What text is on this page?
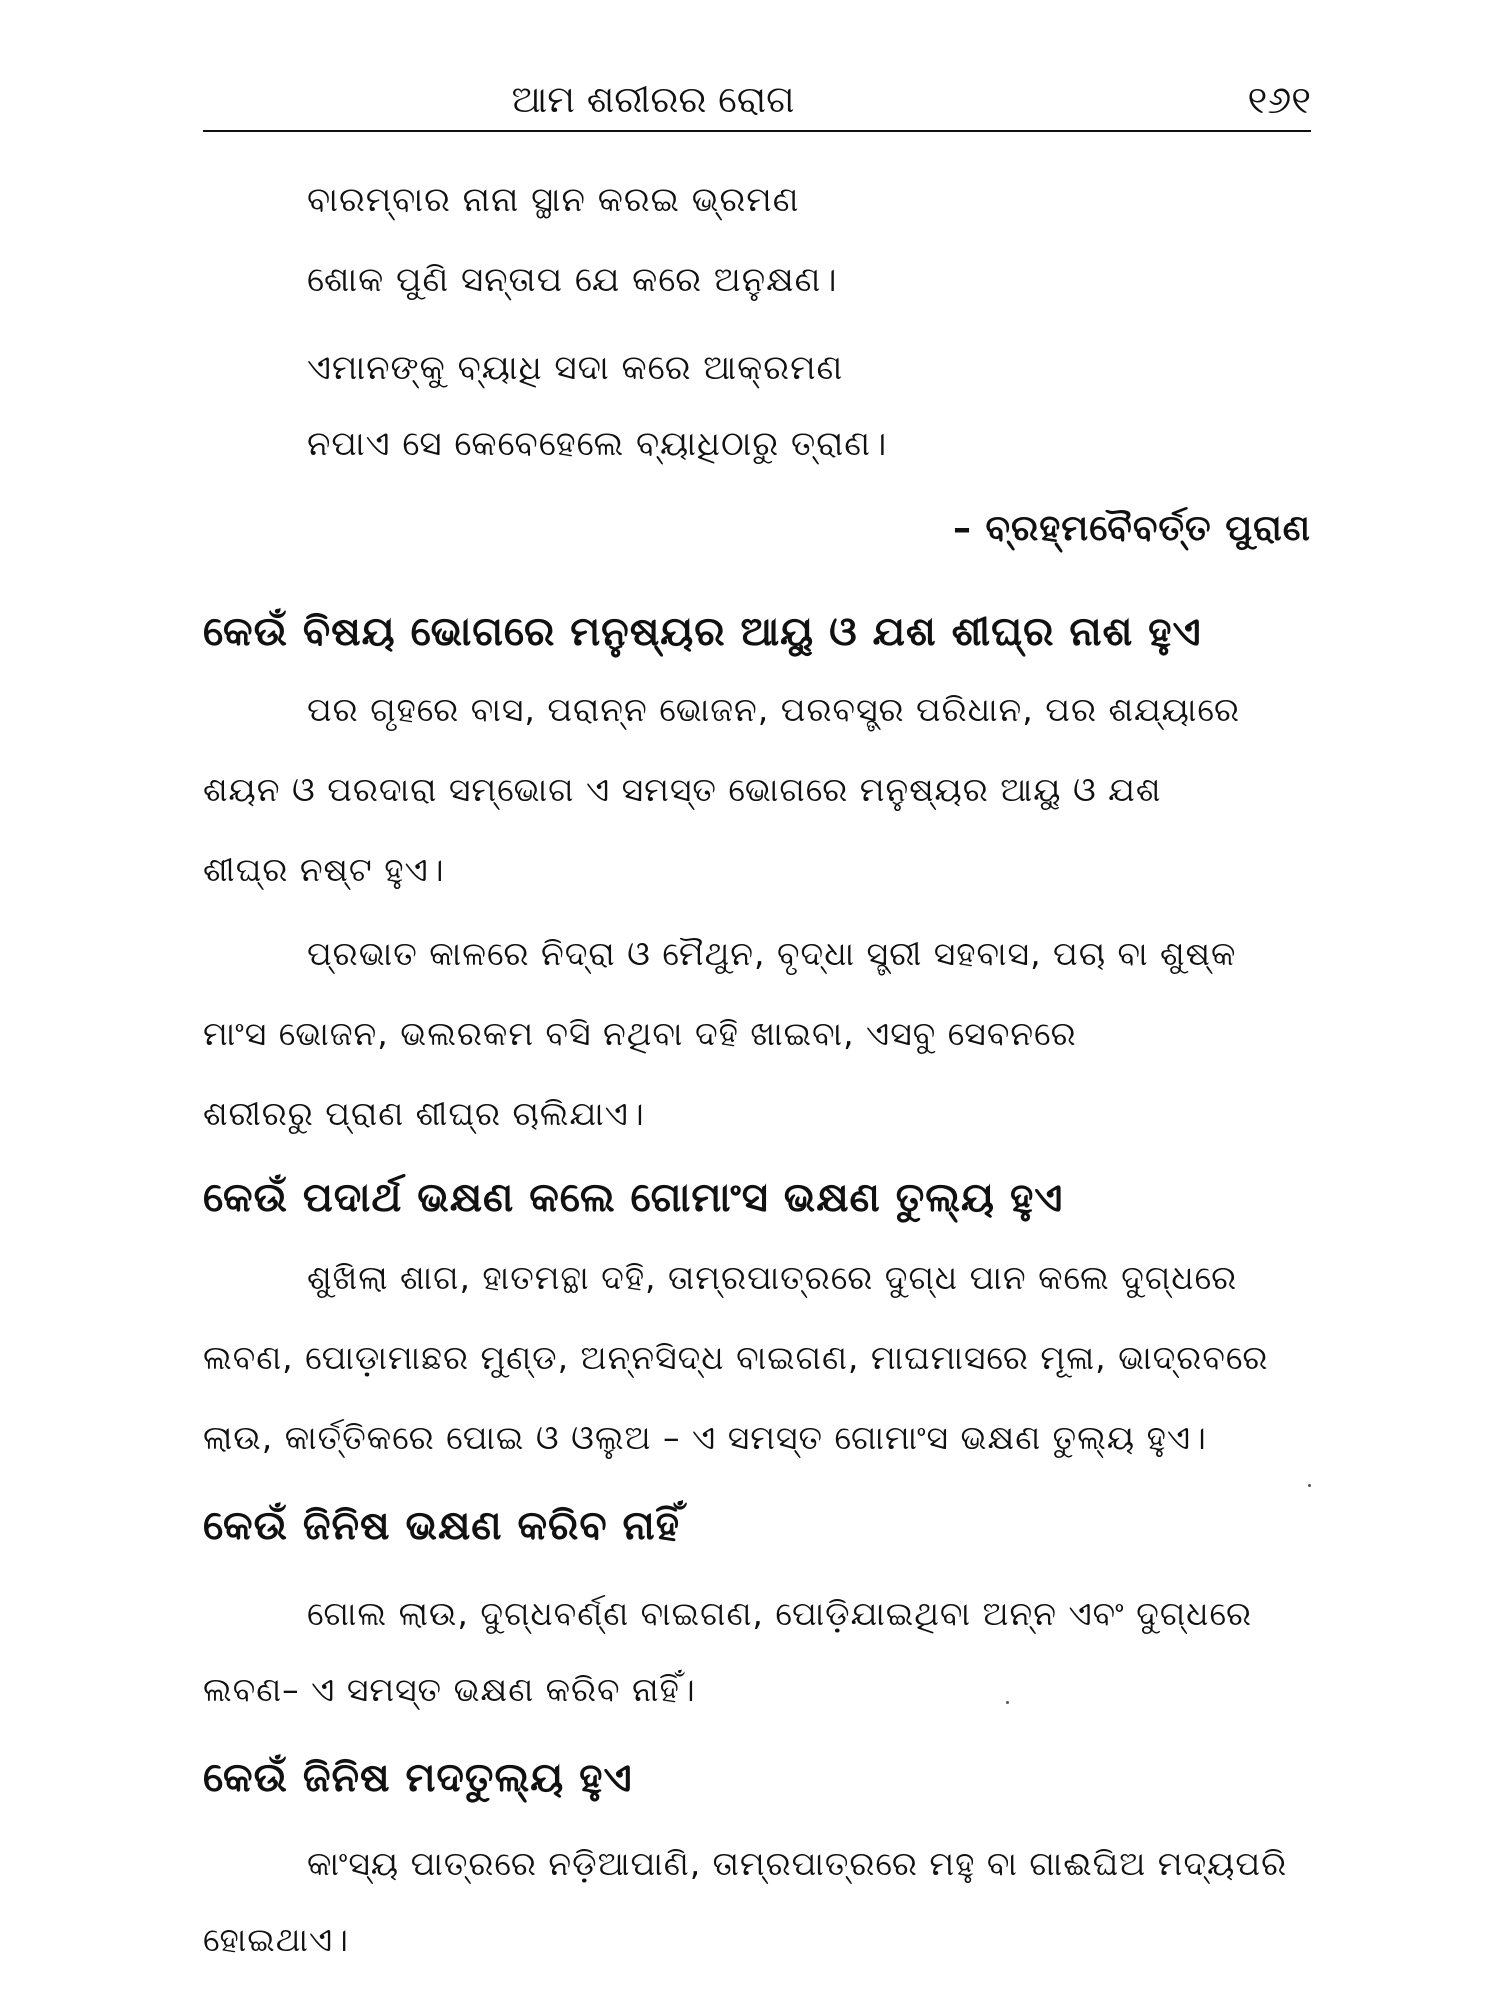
ଆମ ଶରୀରର ରୋଗ	୧୬୧
ବାରମ୍ବାର ନାନା ସ୍ଥାନ କରଇ ଭ୍ରମଣ
ଶୋକ ପୁଣି ସନ୍ତାପ ଯେ କରେ ଅନୁକ୍ଷଣ।
ଏମାନଙ୍କୁ ବ୍ୟାଧି ସଦା କରେ ଆକ୍ରମଣ
ନପାଏ ସେ କେବେହେଲେ ବ୍ୟାଧିଠାରୁ ତ୍ରାଣ।
– ବ୍ରହ୍ମବୈବର୍ତ୍ତ ପୁରାଣ
କେଉଁ ବିଷୟ ଭୋଗରେ ମନୁଷ୍ୟର ଆୟୁ ଓ ଯଶ ଶୀଘ୍ର ନାଶ ହୁଏ
ପର ଗୃହରେ ବାସ, ପରାନ୍ନ ଭୋଜନ, ପରବସ୍ତ୍ର ପରିଧାନ, ପର ଶଯ୍ୟାରେ
ଶୟନ ଓ ପରଦାରା ସମ୍ଭୋଗ ଏ ସମସ୍ତ ଭୋଗରେ ମନୁଷ୍ୟର ଆୟୁ ଓ ଯଶ
ଶୀଘ୍ର ନଷ୍ଟ ହୁଏ।
ପ୍ରଭାତ କାଳରେ ନିଦ୍ରା ଓ ମୈଥୁନ, ବୃଦ୍ଧା ସ୍ତ୍ରୀ ସହବାସ, ପଚା ବା ଶୁଷ୍କ
ମାଂସ ଭୋଜନ, ଭଲରକମ ବସି ନଥିବା ଦହି ଖାଇବା, ଏସବୁ ସେବନରେ
ଶରୀରରୁ ପ୍ରାଣ ଶୀଘ୍ର ଚାଲିଯାଏ।
କେଉଁ ପଦାର୍ଥ ଭକ୍ଷଣ କଲେ ଗୋମାଂସ ଭକ୍ଷଣ ତୁଲ୍ୟ ହୁଏ
ଶୁଖିଲା ଶାଗ, ହାତମନ୍ଥା ଦହି, ତାମ୍ରପାତ୍ରରେ ଦୁଗ୍ଧ ପାନ କଲେ ଦୁଗ୍ଧରେ
ଲବଣ, ପୋଡ଼ାମାଛର ମୁଣ୍ଡ, ଅନ୍ନସିଦ୍ଧ ବାଇଗଣ, ମାଘମାସରେ ମୂଳା, ଭାଦ୍ରବରେ
ଲାଉ, କାର୍ତ୍ତିକରେ ପୋଇ ଓ ଓଲୁଅ – ଏ ସମସ୍ତ ଗୋମାଂସ ଭକ୍ଷଣ ତୁଲ୍ୟ ହୁଏ।
କେଉଁ ଜିନିଷ ଭକ୍ଷଣ କରିବ ନାହିଁ
ଗୋଲ ଲାଉ, ଦୁଗ୍ଧବର୍ଣ୍ଣ ବାଇଗଣ, ପୋଡ଼ିଯାଇଥିବା ଅନ୍ନ ଏବଂ ଦୁଗ୍ଧରେ
ଲବଣ– ଏ ସମସ୍ତ ଭକ୍ଷଣ କରିବ ନାହିଁ।
କେଉଁ ଜିନିଷ ମଦତୁଲ୍ୟ ହୁଏ
କାଂସ୍ୟ ପାତ୍ରରେ ନଡ଼ିଆପାଣି, ତାମ୍ରପାତ୍ରରେ ମହୁ ବା ଗାଈଘିଅ ମଦ୍ୟପରି
ହୋଇଥାଏ।
